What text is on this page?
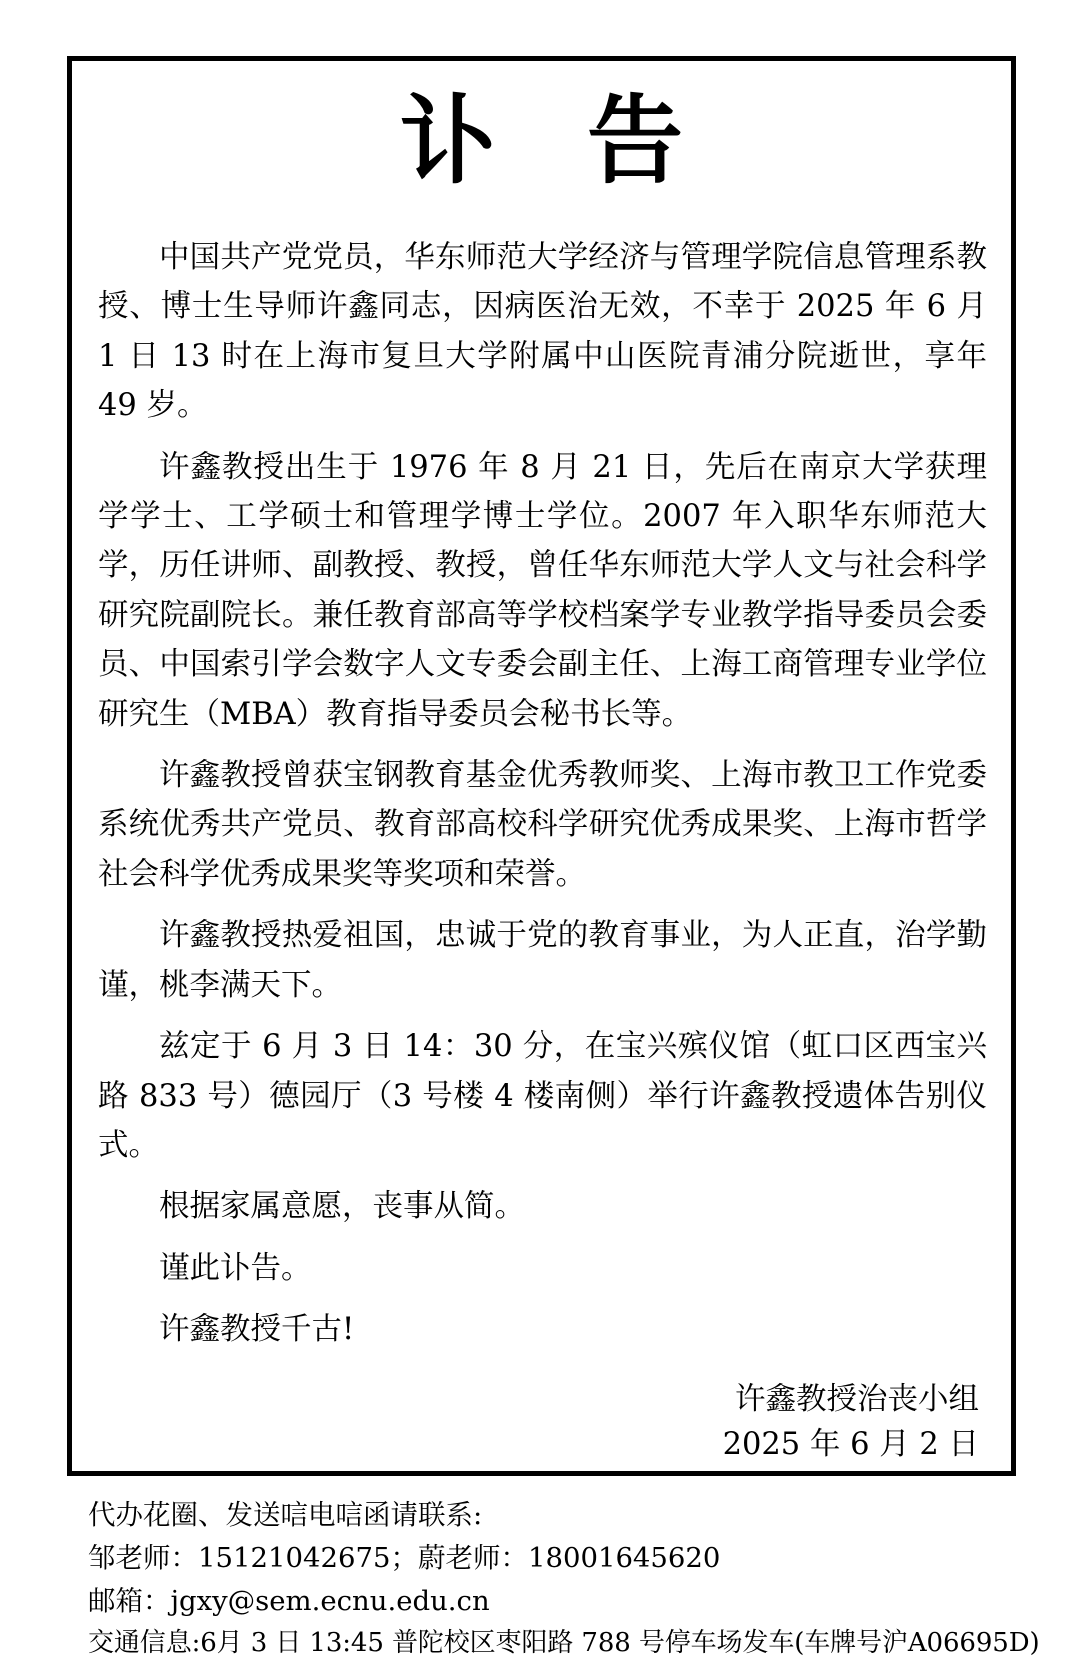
讣 告

中国共产党党员，华东师范大学经济与管理学院信息管理系教授、博士生导师许鑫同志，因病医治无效，不幸于 2025 年 6 月 1 日 13 时在上海市复旦大学附属中山医院青浦分院逝世，享年 49 岁。

许鑫教授出生于 1976 年 8 月 21 日，先后在南京大学获理学学士、工学硕士和管理学博士学位。2007 年入职华东师范大学，历任讲师、副教授、教授，曾任华东师范大学人文与社会科学研究院副院长。兼任教育部高等学校档案学专业教学指导委员会委员、中国索引学会数字人文专委会副主任、上海工商管理专业学位研究生（MBA）教育指导委员会秘书长等。

许鑫教授曾获宝钢教育基金优秀教师奖、上海市教卫工作党委系统优秀共产党员、教育部高校科学研究优秀成果奖、上海市哲学社会科学优秀成果奖等奖项和荣誉。

许鑫教授热爱祖国，忠诚于党的教育事业，为人正直，治学勤谨，桃李满天下。

兹定于 6 月 3 日 14：30 分，在宝兴殡仪馆（虹口区西宝兴路 833 号）德园厅（3 号楼 4 楼南侧）举行许鑫教授遗体告别仪式。

根据家属意愿，丧事从简。

谨此讣告。

许鑫教授千古!

许鑫教授治丧小组
2025 年 6 月 2 日
代办花圈、发送唁电唁函请联系:
邹老师：15121042675；蔚老师：18001645620
邮箱：jgxy@sem.ecnu.edu.cn
交通信息:6月 3 日 13:45 普陀校区枣阳路 788 号停车场发车(车牌号沪A06695D)
